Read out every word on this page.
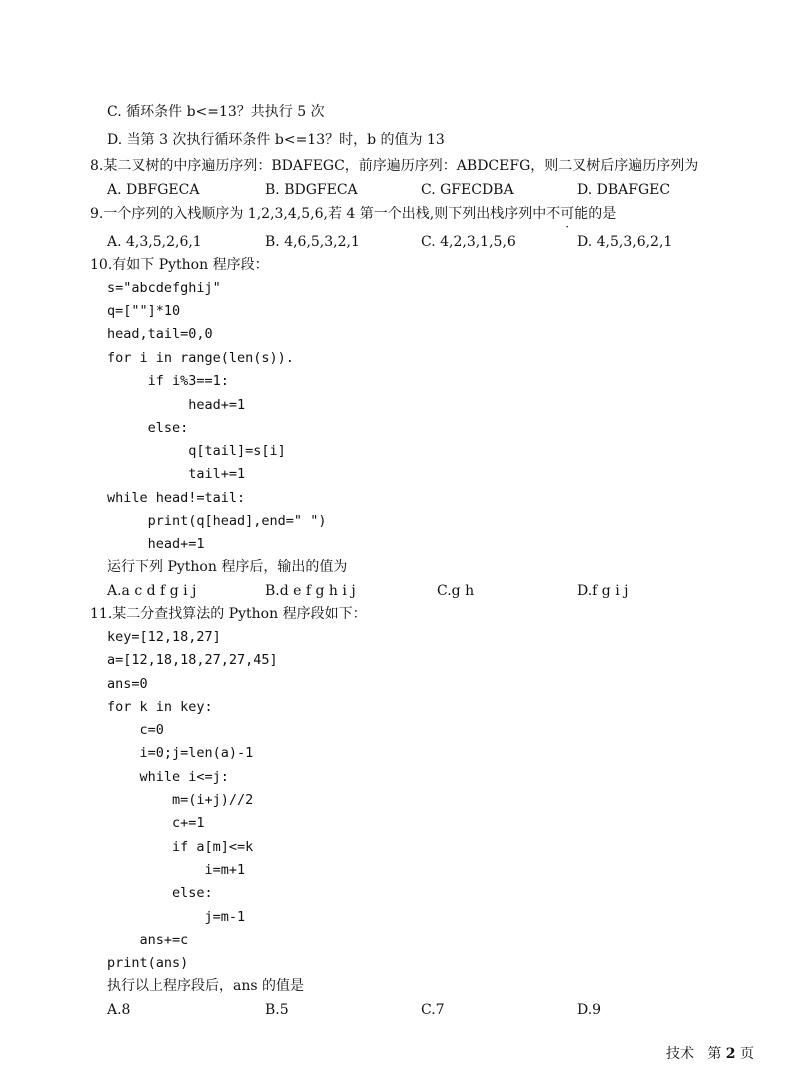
C. 循环条件 b<=13？共执行 5 次
D. 当第 3 次执行循环条件 b<=13？时，b 的值为 13
8.某二叉树的中序遍历序列：BDAFEGC，前序遍历序列：ABDCEFG，则二叉树后序遍历序列为
A. DBFGECA	B. BDGFECA	C. GFECDBA	D. DBAFGEC
9.一个序列的入栈顺序为 1,2,3,4,5,6,若 4 第一个出栈,则下列出栈序列中不可能的是
A. 4,3,5,2,6,1	B. 4,6,5,3,2,1	C. 4,2,3,1,5,6	D. 4,5,3,6,2,1
10.有如下 Python 程序段：
s="abcdefghij"
q=[""]*10
head,tail=0,0
for i in range(len(s)).
if i%3==1:
head+=1
else:
q[tail]=s[i]
tail+=1
while head!=tail:
print(q[head],end=" ")
head+=1
运行下列 Python 程序后，输出的值为
A.a c d f g i j	B.d e f g h i j	C.g h	D.f g i j
11.某二分查找算法的 Python 程序段如下：
key=[12,18,27]
a=[12,18,18,27,27,45]
ans=0
for k in key:
c=0
i=0;j=len(a)-1
while i<=j:
m=(i+j)//2
c+=1
if a[m]<=k
i=m+1
else:
j=m-1
ans+=c
print(ans)
执行以上程序段后，ans 的值是
A.8	B.5	C.7	D.9
技术 第 2 页
